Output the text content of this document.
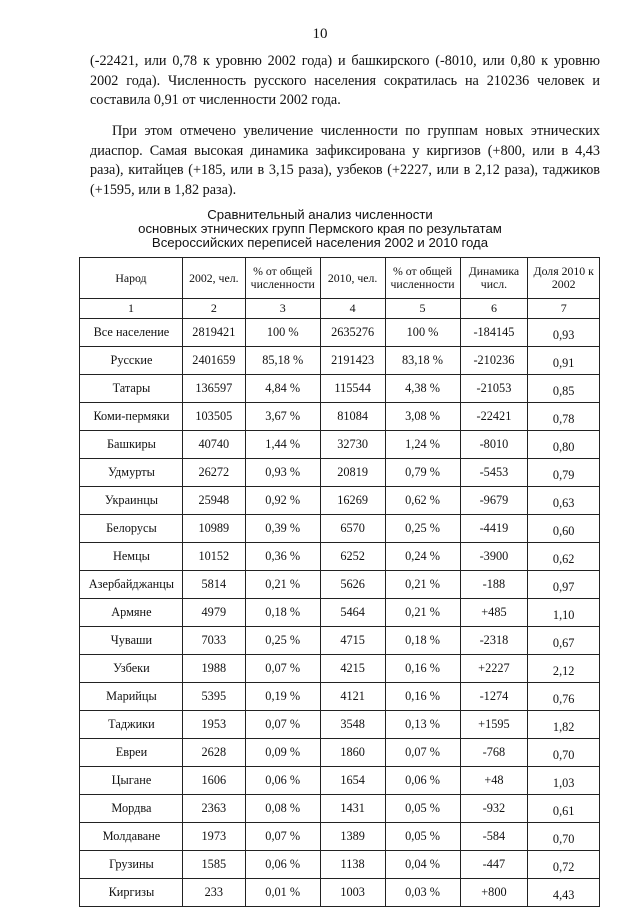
10

(-22421, или 0,78 к уровню 2002 года) и башкирского (-8010, или 0,80 к уровню 2002 года). Численность русского населения сократилась на 210236 человек и составила 0,91 от численности 2002 года.

При этом отмечено увеличение численности по группам новых этнических диаспор. Самая высокая динамика зафиксирована у киргизов (+800, или в 4,43 раза), китайцев (+185, или в 3,15 раза), узбеков (+2227, или в 2,12 раза), таджиков (+1595, или в 1,82 раза).

Сравнительный анализ численности
основных этнических групп Пермского края по результатам
Всероссийских переписей населения 2002 и 2010 года
Народ	2002, чел.	% от общей численности	2010, чел.	% от общей численности	Динамика числ.	Доля 2010 к 2002
1	2	3	4	5	6	7
Все население	2819421	100 %	2635276	100 %	-184145	0,93
Русские	2401659	85,18 %	2191423	83,18 %	-210236	0,91
Татары	136597	4,84 %	115544	4,38 %	-21053	0,85
Коми-пермяки	103505	3,67 %	81084	3,08 %	-22421	0,78
Башкиры	40740	1,44 %	32730	1,24 %	-8010	0,80
Удмурты	26272	0,93 %	20819	0,79 %	-5453	0,79
Украинцы	25948	0,92 %	16269	0,62 %	-9679	0,63
Белорусы	10989	0,39 %	6570	0,25 %	-4419	0,60
Немцы	10152	0,36 %	6252	0,24 %	-3900	0,62
Азербайджанцы	5814	0,21 %	5626	0,21 %	-188	0,97
Армяне	4979	0,18 %	5464	0,21 %	+485	1,10
Чуваши	7033	0,25 %	4715	0,18 %	-2318	0,67
Узбеки	1988	0,07 %	4215	0,16 %	+2227	2,12
Марийцы	5395	0,19 %	4121	0,16 %	-1274	0,76
Таджики	1953	0,07 %	3548	0,13 %	+1595	1,82
Евреи	2628	0,09 %	1860	0,07 %	-768	0,70
Цыгане	1606	0,06 %	1654	0,06 %	+48	1,03
Мордва	2363	0,08 %	1431	0,05 %	-932	0,61
Молдаване	1973	0,07 %	1389	0,05 %	-584	0,70
Грузины	1585	0,06 %	1138	0,04 %	-447	0,72
Киргизы	233	0,01 %	1003	0,03 %	+800	4,43
